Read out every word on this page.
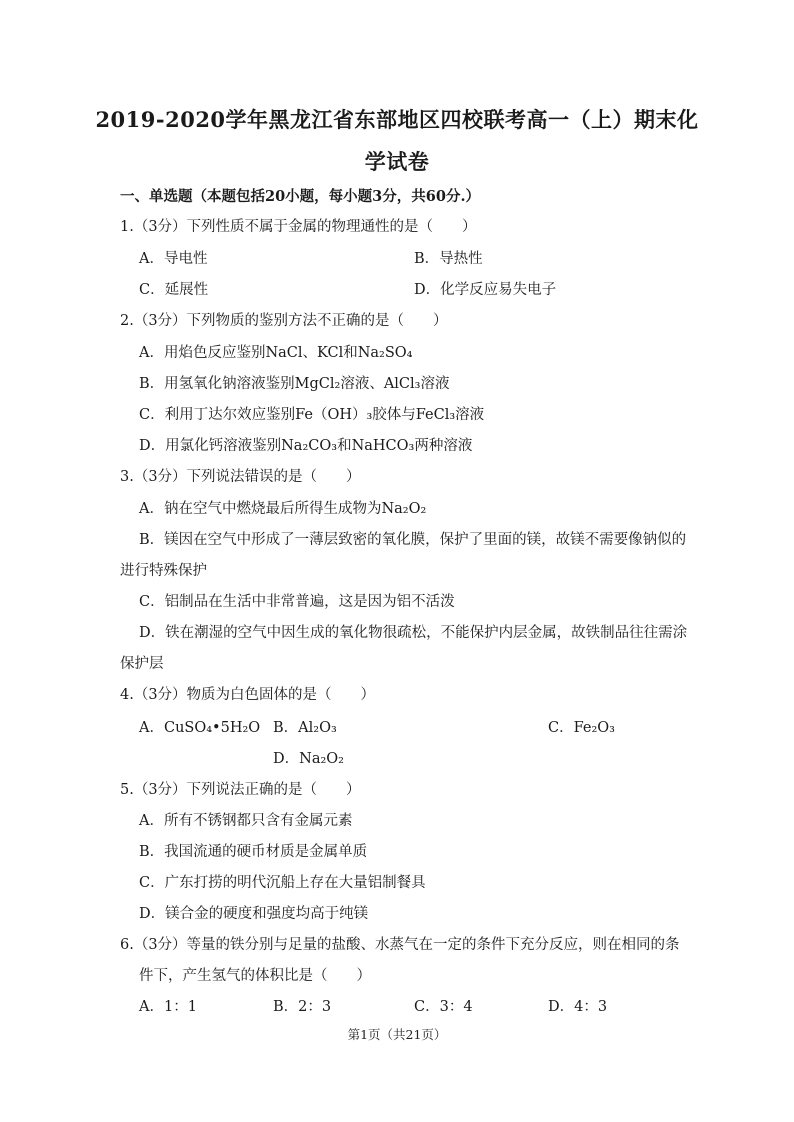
2019-2020学年黑龙江省东部地区四校联考高一（上）期末化
学试卷
一、单选题（本题包括20小题，每小题3分，共60分.）
1.（3分）下列性质不属于金属的物理通性的是（　　）
A．导电性	B．导热性
C．延展性	D．化学反应易失电子
2.（3分）下列物质的鉴别方法不正确的是（　　）
A．用焰色反应鉴别NaCl、KCl和Na₂SO₄
B．用氢氧化钠溶液鉴别MgCl₂溶液、AlCl₃溶液
C．利用丁达尔效应鉴别Fe（OH）₃胶体与FeCl₃溶液
D．用氯化钙溶液鉴别Na₂CO₃和NaHCO₃两种溶液
3.（3分）下列说法错误的是（　　）
A．钠在空气中燃烧最后所得生成物为Na₂O₂
B．镁因在空气中形成了一薄层致密的氧化膜，保护了里面的镁，故镁不需要像钠似的
进行特殊保护
C．铝制品在生活中非常普遍，这是因为铝不活泼
D．铁在潮湿的空气中因生成的氧化物很疏松，不能保护内层金属，故铁制品往往需涂
保护层
4.（3分）物质为白色固体的是（　　）
A．CuSO₄•5H₂O B．Al₂O₃	C．Fe₂O₃
D．Na₂O₂
5.（3分）下列说法正确的是（　　）
A．所有不锈钢都只含有金属元素
B．我国流通的硬币材质是金属单质
C．广东打捞的明代沉船上存在大量铝制餐具
D．镁合金的硬度和强度均高于纯镁
6.（3分）等量的铁分别与足量的盐酸、水蒸气在一定的条件下充分反应，则在相同的条
件下，产生氢气的体积比是（　　）
A．1：1	B．2：3	C．3：4	D．4：3
第1页（共21页）
